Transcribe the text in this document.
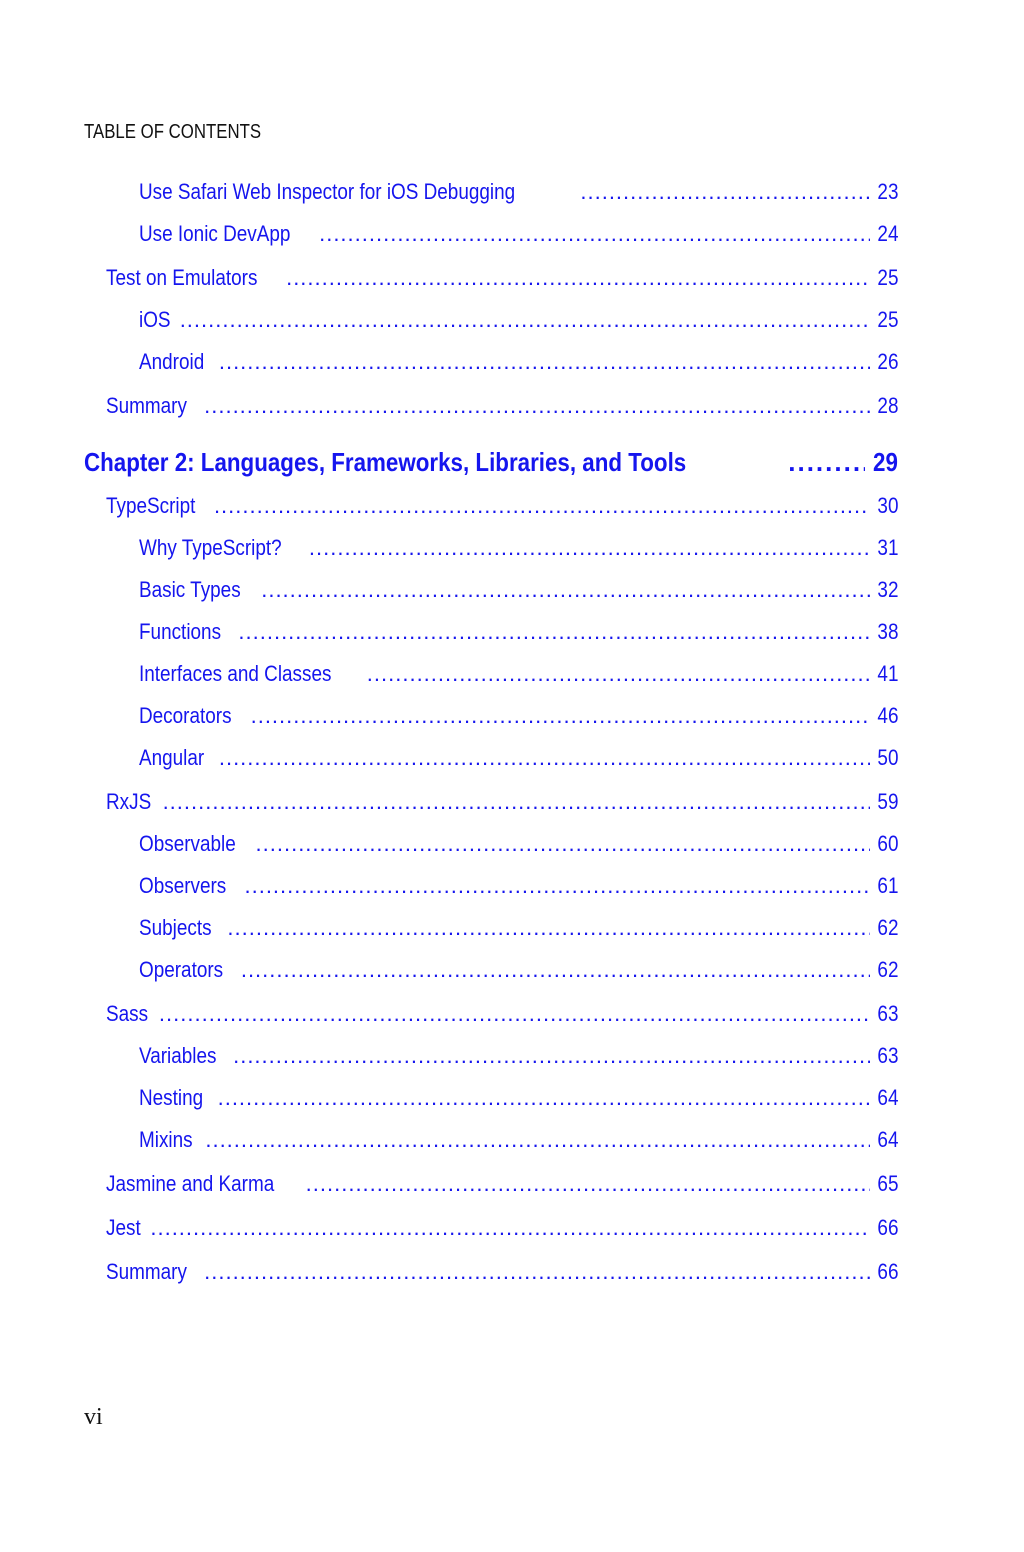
TABLE OF CONTENTS
Use Safari Web Inspector for iOS Debugging .....	23
Use Ionic DevApp .....	24
Test on Emulators .....	25
iOS .....	25
Android .....	26
Summary .....	28
Chapter 2: Languages, Frameworks, Libraries, and Tools .....	29
TypeScript .....	30
Why TypeScript? .....	31
Basic Types .....	32
Functions .....	38
Interfaces and Classes .....	41
Decorators .....	46
Angular .....	50
RxJS .....	59
Observable .....	60
Observers .....	61
Subjects .....	62
Operators .....	62
Sass .....	63
Variables .....	63
Nesting .....	64
Mixins .....	64
Jasmine and Karma .....	65
Jest .....	66
Summary .....	66
vi
